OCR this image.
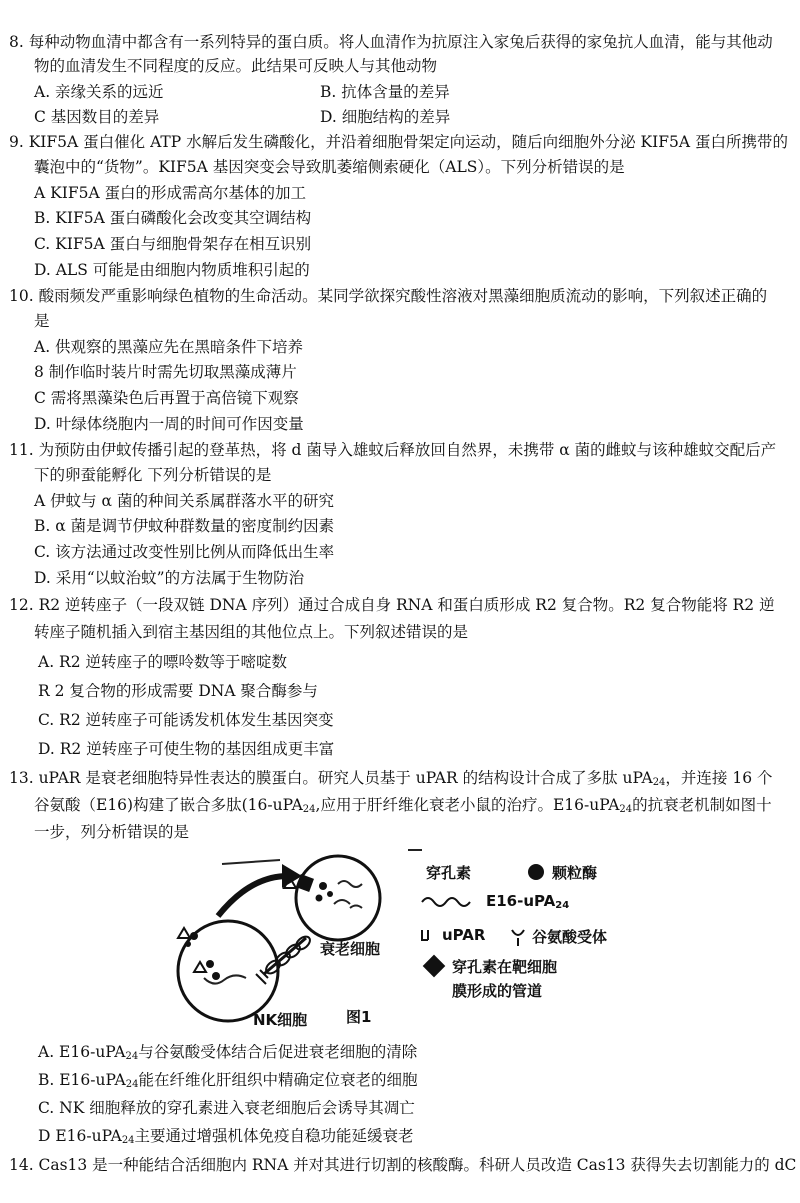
8. 每种动物血清中都含有一系列特异的蛋白质。将人血清作为抗原注入家兔后获得的家兔抗人血清，能与其他动
物的血清发生不同程度的反应。此结果可反映人与其他动物
A. 亲缘关系的远近	B. 抗体含量的差异
C 基因数目的差异	D. 细胞结构的差异
9. KIF5A 蛋白催化 ATP 水解后发生磷酸化，并沿着细胞骨架定向运动，随后向细胞外分泌 KIF5A 蛋白所携带的
囊泡中的“货物”。KIF5A 基因突变会导致肌萎缩侧索硬化（ALS）。下列分析错误的是
A KIF5A 蛋白的形成需高尔基体的加工
B. KIF5A 蛋白磷酸化会改变其空调结构
C. KIF5A 蛋白与细胞骨架存在相互识别
D. ALS 可能是由细胞内物质堆积引起的
10. 酸雨频发严重影响绿色植物的生命活动。某同学欲探究酸性溶液对黑藻细胞质流动的影响，下列叙述正确的
是
A. 供观察的黑藻应先在黑暗条件下培养
8 制作临时装片时需先切取黑藻成薄片
C 需将黑藻染色后再置于高倍镜下观察
D. 叶绿体绕胞内一周的时间可作因变量
11. 为预防由伊蚊传播引起的登革热，将 d 菌导入雄蚊后释放回自然界，未携带 α 菌的雌蚊与该种雄蚊交配后产
下的卵蚕能孵化 下列分析错误的是
A 伊蚊与 α 菌的种间关系属群落水平的研究
B. α 菌是调节伊蚊种群数量的密度制约因素
C. 该方法通过改变性别比例从而降低出生率
D. 采用“以蚊治蚊”的方法属于生物防治
12. R2 逆转座子（一段双链 DNA 序列）通过合成自身 RNA 和蛋白质形成 R2 复合物。R2 复合物能将 R2 逆
转座子随机插入到宿主基因组的其他位点上。下列叙述错误的是
A. R2 逆转座子的嘌呤数等于嘧啶数
R 2 复合物的形成需要 DNA 聚合酶参与
C. R2 逆转座子可能诱发机体发生基因突变
D. R2 逆转座子可使生物的基因组成更丰富
13. uPAR 是衰老细胞特异性表达的膜蛋白。研究人员基于 uPAR 的结构设计合成了多肽 uPA$_{24}$，并连接 16 个
谷氨酸（E16)构建了嵌合多肽(16-uPA$_{24}$,应用于肝纤维化衰老小鼠的治疗。E16-uPA$_{24}$的抗衰老机制如图十
一步，列分析错误的是
衰老细胞
NK细胞	图1
穿孔素	颗粒酶
E16-uPA$_{24}$
uPAR	谷氨酸受体
穿孔素在靶细胞
膜形成的管道
A. E16-uPA$_{24}$与谷氨酸受体结合后促进衰老细胞的清除
B. E16-uPA$_{24}$能在纤维化肝组织中精确定位衰老的细胞
C. NK 细胞释放的穿孔素进入衰老细胞后会诱导其凋亡
D E16-uPA$_{24}$主要通过增强机体免疫自稳功能延缓衰老
14. Cas13 是一种能结合活细胞内 RNA 并对其进行切割的核酸酶。科研人员改造 Cas13 获得失去切割能力的 dC
